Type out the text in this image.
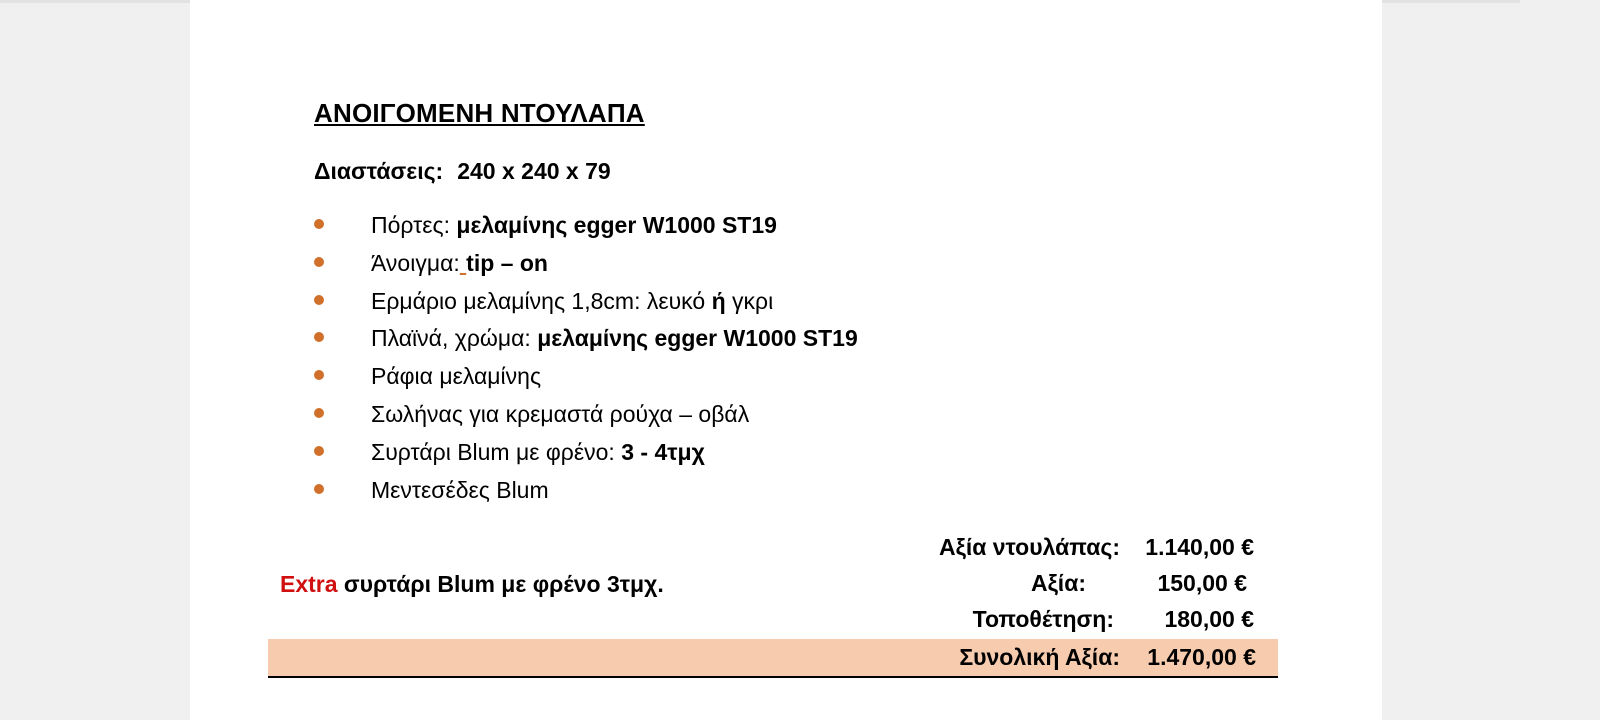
ΑΝΟΙΓΟΜΕΝΗ ΝΤΟΥΛΑΠΑ
Διαστάσεις: 240 x 240 x 79
Πόρτες: μελαμίνης egger W1000 ST19
Άνοιγμα: tip – on
Ερμάριο μελαμίνης 1,8cm: λευκό ή γκρι
Πλαϊνά, χρώμα: μελαμίνης egger W1000 ST19
Ράφια μελαμίνης
Σωλήνας για κρεμαστά ρούχα – οβάλ
Συρτάρι Blum με φρένο: 3 - 4τμχ
Μεντεσέδες Blum
Extra συρτάρι Blum με φρένο 3τμχ.
Αξία ντουλάπας:	1.140,00 €
Αξία:	150,00 €
Τοποθέτηση:	180,00 €
Συνολική Αξία:	1.470,00 €
